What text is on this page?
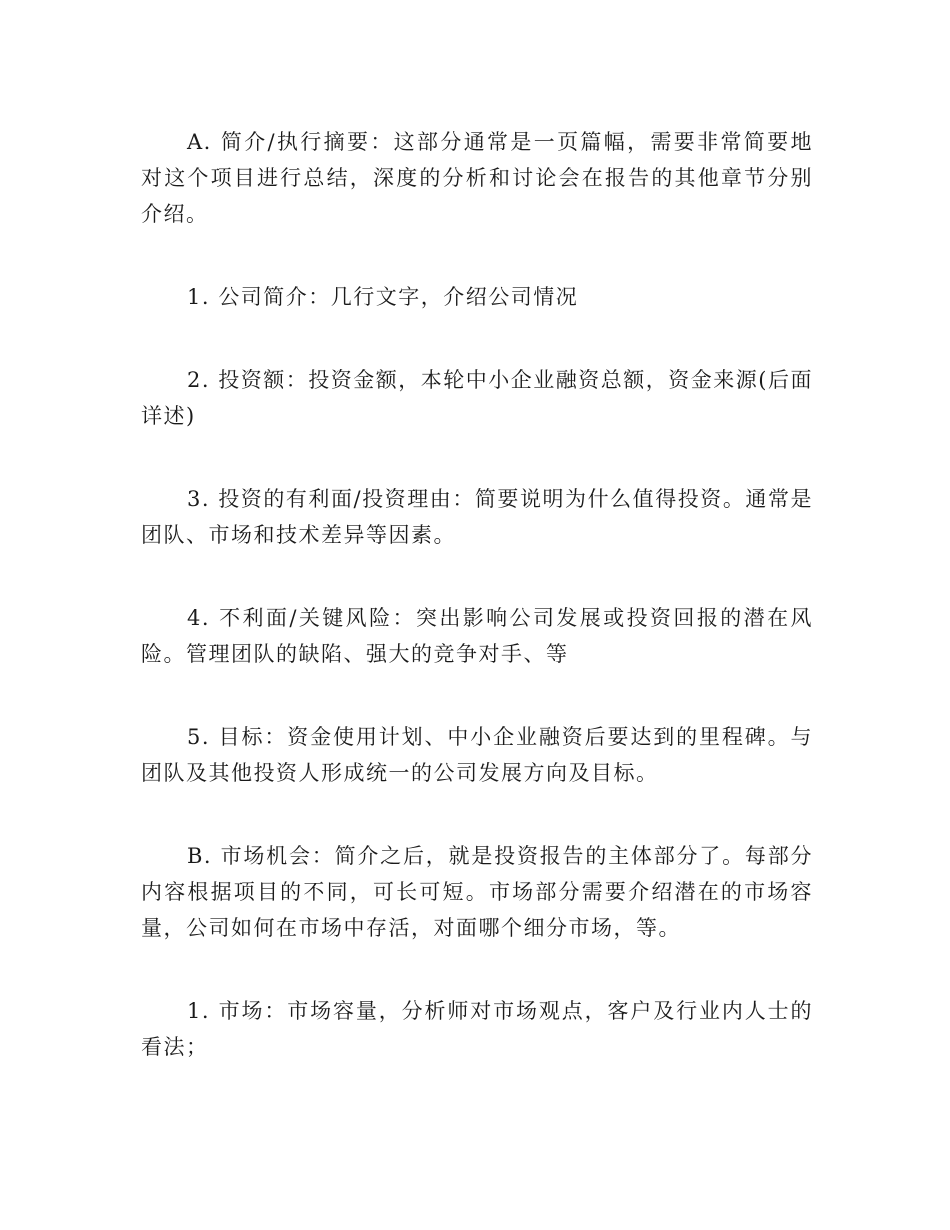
A. 简介/执行摘要：这部分通常是一页篇幅，需要非常简要地对这个项目进行总结，深度的分析和讨论会在报告的其他章节分别介绍。

1. 公司简介：几行文字，介绍公司情况

2. 投资额：投资金额，本轮中小企业融资总额，资金来源(后面详述)

3. 投资的有利面/投资理由：简要说明为什么值得投资。通常是团队、市场和技术差异等因素。

4. 不利面/关键风险：突出影响公司发展或投资回报的潜在风险。管理团队的缺陷、强大的竞争对手、等

5. 目标：资金使用计划、中小企业融资后要达到的里程碑。与团队及其他投资人形成统一的公司发展方向及目标。

B. 市场机会：简介之后，就是投资报告的主体部分了。每部分内容根据项目的不同，可长可短。市场部分需要介绍潜在的市场容量，公司如何在市场中存活，对面哪个细分市场，等。

1. 市场：市场容量，分析师对市场观点，客户及行业内人士的看法；
